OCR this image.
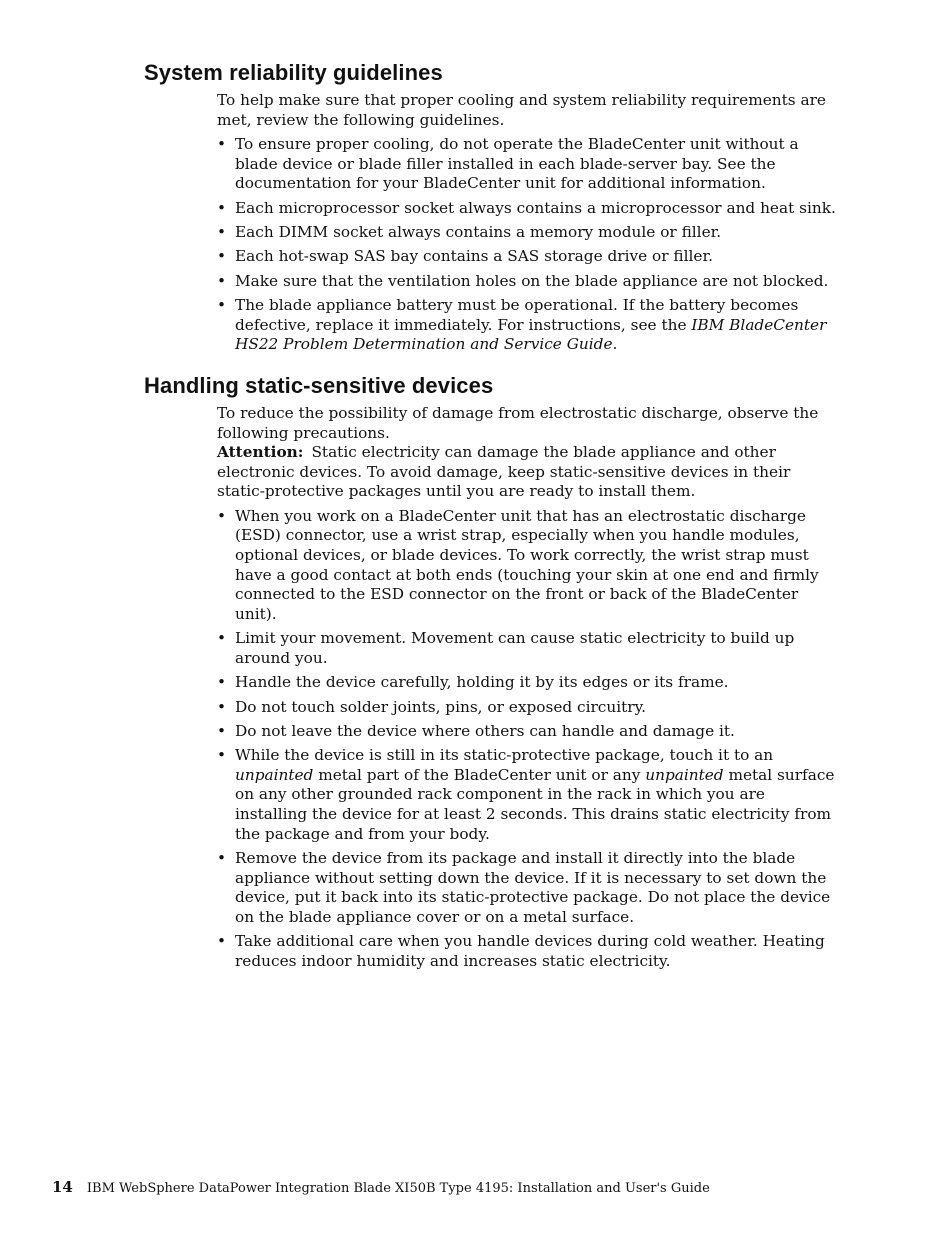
System reliability guidelines

To help make sure that proper cooling and system reliability requirements are met, review the following guidelines.

• To ensure proper cooling, do not operate the BladeCenter unit without a blade device or blade filler installed in each blade-server bay. See the documentation for your BladeCenter unit for additional information.
• Each microprocessor socket always contains a microprocessor and heat sink.
• Each DIMM socket always contains a memory module or filler.
• Each hot-swap SAS bay contains a SAS storage drive or filler.
• Make sure that the ventilation holes on the blade appliance are not blocked.
• The blade appliance battery must be operational. If the battery becomes defective, replace it immediately. For instructions, see the IBM BladeCenter HS22 Problem Determination and Service Guide.
Handling static-sensitive devices

To reduce the possibility of damage from electrostatic discharge, observe the following precautions.

Attention: Static electricity can damage the blade appliance and other electronic devices. To avoid damage, keep static-sensitive devices in their static-protective packages until you are ready to install them.

• When you work on a BladeCenter unit that has an electrostatic discharge (ESD) connector, use a wrist strap, especially when you handle modules, optional devices, or blade devices. To work correctly, the wrist strap must have a good contact at both ends (touching your skin at one end and firmly connected to the ESD connector on the front or back of the BladeCenter unit).
• Limit your movement. Movement can cause static electricity to build up around you.
• Handle the device carefully, holding it by its edges or its frame.
• Do not touch solder joints, pins, or exposed circuitry.
• Do not leave the device where others can handle and damage it.
• While the device is still in its static-protective package, touch it to an unpainted metal part of the BladeCenter unit or any unpainted metal surface on any other grounded rack component in the rack in which you are installing the device for at least 2 seconds. This drains static electricity from the package and from your body.
• Remove the device from its package and install it directly into the blade appliance without setting down the device. If it is necessary to set down the device, put it back into its static-protective package. Do not place the device on the blade appliance cover or on a metal surface.
• Take additional care when you handle devices during cold weather. Heating reduces indoor humidity and increases static electricity.
14 IBM WebSphere DataPower Integration Blade XI50B Type 4195: Installation and User's Guide
